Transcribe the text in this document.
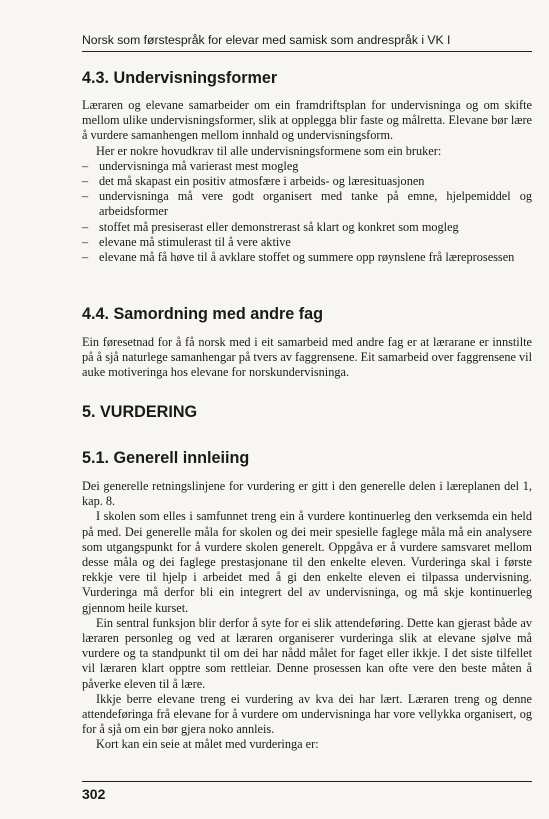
Norsk som førstespråk for elevar med samisk som andrespråk i VK I
4.3. Undervisningsformer

Læraren og elevane samarbeider om ein framdriftsplan for undervisninga og om skifte mellom ulike undervisningsformer, slik at opplegga blir faste og målretta. Elevane bør lære å vurdere samanhengen mellom innhald og undervisningsform.

Her er nokre hovudkrav til alle undervisningsformene som ein bruker:

– undervisninga må varierast mest mogleg
– det må skapast ein positiv atmosfære i arbeids- og læresituasjonen
– undervisninga må vere godt organisert med tanke på emne, hjelpemiddel og arbeidsformer
– stoffet må presiserast eller demonstrerast så klart og konkret som mogleg
– elevane må stimulerast til å vere aktive
– elevane må få høve til å avklare stoffet og summere opp røynslene frå læreprosessen
4.4. Samordning med andre fag

Ein føresetnad for å få norsk med i eit samarbeid med andre fag er at lærarane er innstilte på å sjå naturlege samanhengar på tvers av faggrensene. Eit samarbeid over faggrensene vil auke motiveringa hos elevane for norskundervisninga.

5. VURDERING
5.1. Generell innleiing

Dei generelle retningslinjene for vurdering er gitt i den generelle delen i læreplanen del 1, kap. 8.

I skolen som elles i samfunnet treng ein å vurdere kontinuerleg den verksemda ein held på med. Dei generelle måla for skolen og dei meir spesielle faglege måla må ein analysere som utgangspunkt for å vurdere skolen generelt. Oppgåva er å vurdere samsvaret mellom desse måla og dei faglege prestasjonane til den enkelte eleven. Vurderinga skal i første rekkje vere til hjelp i arbeidet med å gi den enkelte eleven ei tilpassa undervisning. Vurderinga må derfor bli ein integrert del av undervisninga, og må skje kontinuerleg gjennom heile kurset.

Ein sentral funksjon blir derfor å syte for ei slik attendeføring. Dette kan gjerast både av læraren personleg og ved at læraren organiserer vurderinga slik at elevane sjølve må vurdere og ta standpunkt til om dei har nådd målet for faget eller ikkje. I det siste tilfellet vil læraren klart opptre som rettleiar. Denne prosessen kan ofte vere den beste måten å påverke eleven til å lære.

Ikkje berre elevane treng ei vurdering av kva dei har lært. Læraren treng og denne attendeføringa frå elevane for å vurdere om undervisninga har vore vellykka organisert, og for å sjå om ein bør gjera noko annleis.

Kort kan ein seie at målet med vurderinga er:

302
